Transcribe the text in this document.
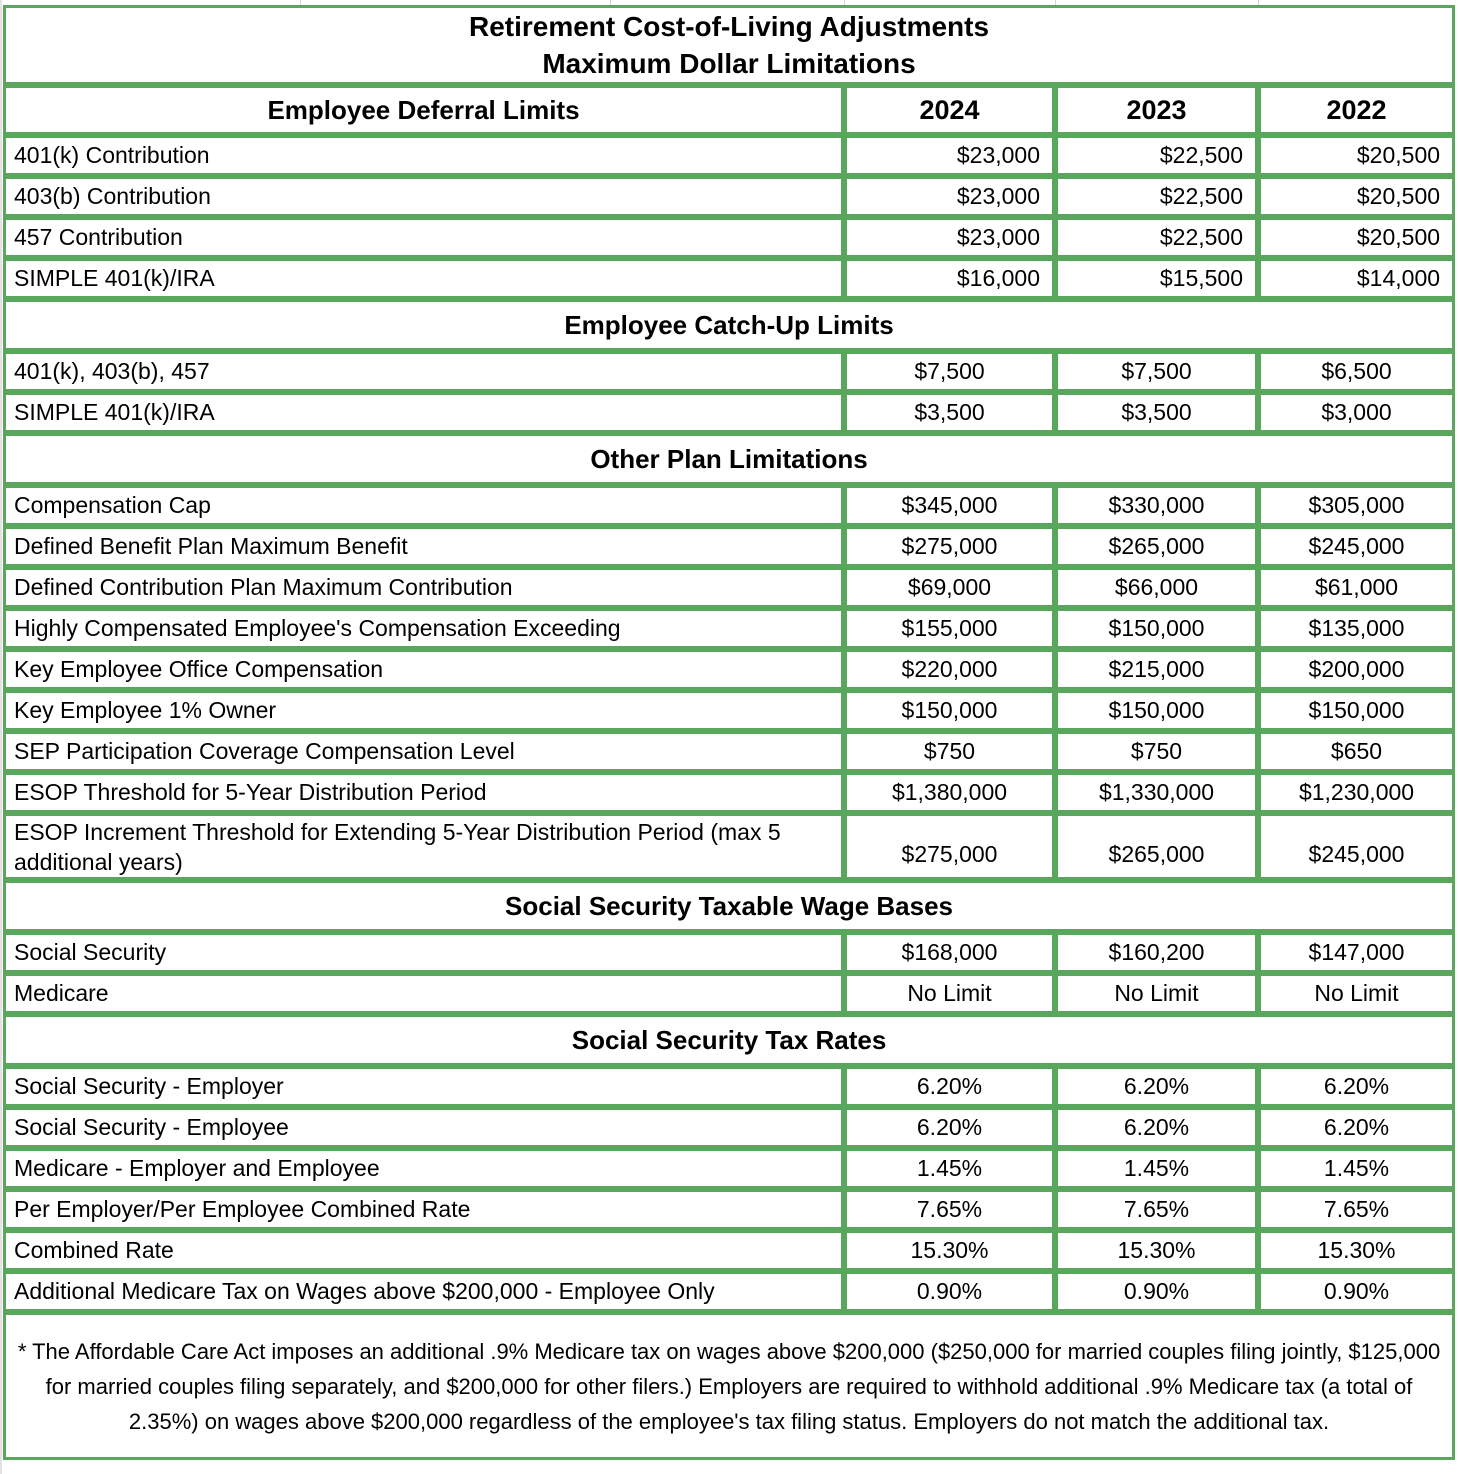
Retirement Cost-of-Living Adjustments
Maximum Dollar Limitations			

Employee Deferral Limits	2024	2023	2022
401(k) Contribution	$23,000	$22,500	$20,500
403(b) Contribution	$23,000	$22,500	$20,500
457 Contribution	$23,000	$22,500	$20,500
SIMPLE 401(k)/IRA	$16,000	$15,500	$14,000
Employee Catch-Up Limits			
401(k), 403(b), 457	$7,500	$7,500	$6,500
SIMPLE 401(k)/IRA	$3,500	$3,500	$3,000
Other Plan Limitations			
Compensation Cap	$345,000	$330,000	$305,000
Defined Benefit Plan Maximum Benefit	$275,000	$265,000	$245,000
Defined Contribution Plan Maximum Contribution	$69,000	$66,000	$61,000
Highly Compensated Employee's Compensation Exceeding	$155,000	$150,000	$135,000
Key Employee Office Compensation	$220,000	$215,000	$200,000
Key Employee 1% Owner	$150,000	$150,000	$150,000
SEP Participation Coverage Compensation Level	$750	$750	$650
ESOP Threshold for 5-Year Distribution Period	$1,380,000	$1,330,000	$1,230,000
ESOP Increment Threshold for Extending 5-Year Distribution Period (max 5 additional years)	$275,000	$265,000	$245,000
Social Security Taxable Wage Bases			
Social Security	$168,000	$160,200	$147,000
Medicare	No Limit	No Limit	No Limit
Social Security Tax Rates			
Social Security - Employer	6.20%	6.20%	6.20%
Social Security - Employee	6.20%	6.20%	6.20%
Medicare - Employer and Employee	1.45%	1.45%	1.45%
Per Employer/Per Employee Combined Rate	7.65%	7.65%	7.65%
Combined Rate	15.30%	15.30%	15.30%
Additional Medicare Tax on Wages above $200,000 - Employee Only	0.90%	0.90%	0.90%
* The Affordable Care Act imposes an additional .9% Medicare tax on wages above $200,000 ($250,000 for married couples filing jointly, $125,000 for married couples filing separately, and $200,000 for other filers.) Employers are required to withhold additional .9% Medicare tax (a total of 2.35%) on wages above $200,000 regardless of the employee's tax filing status. Employers do not match the additional tax.			
